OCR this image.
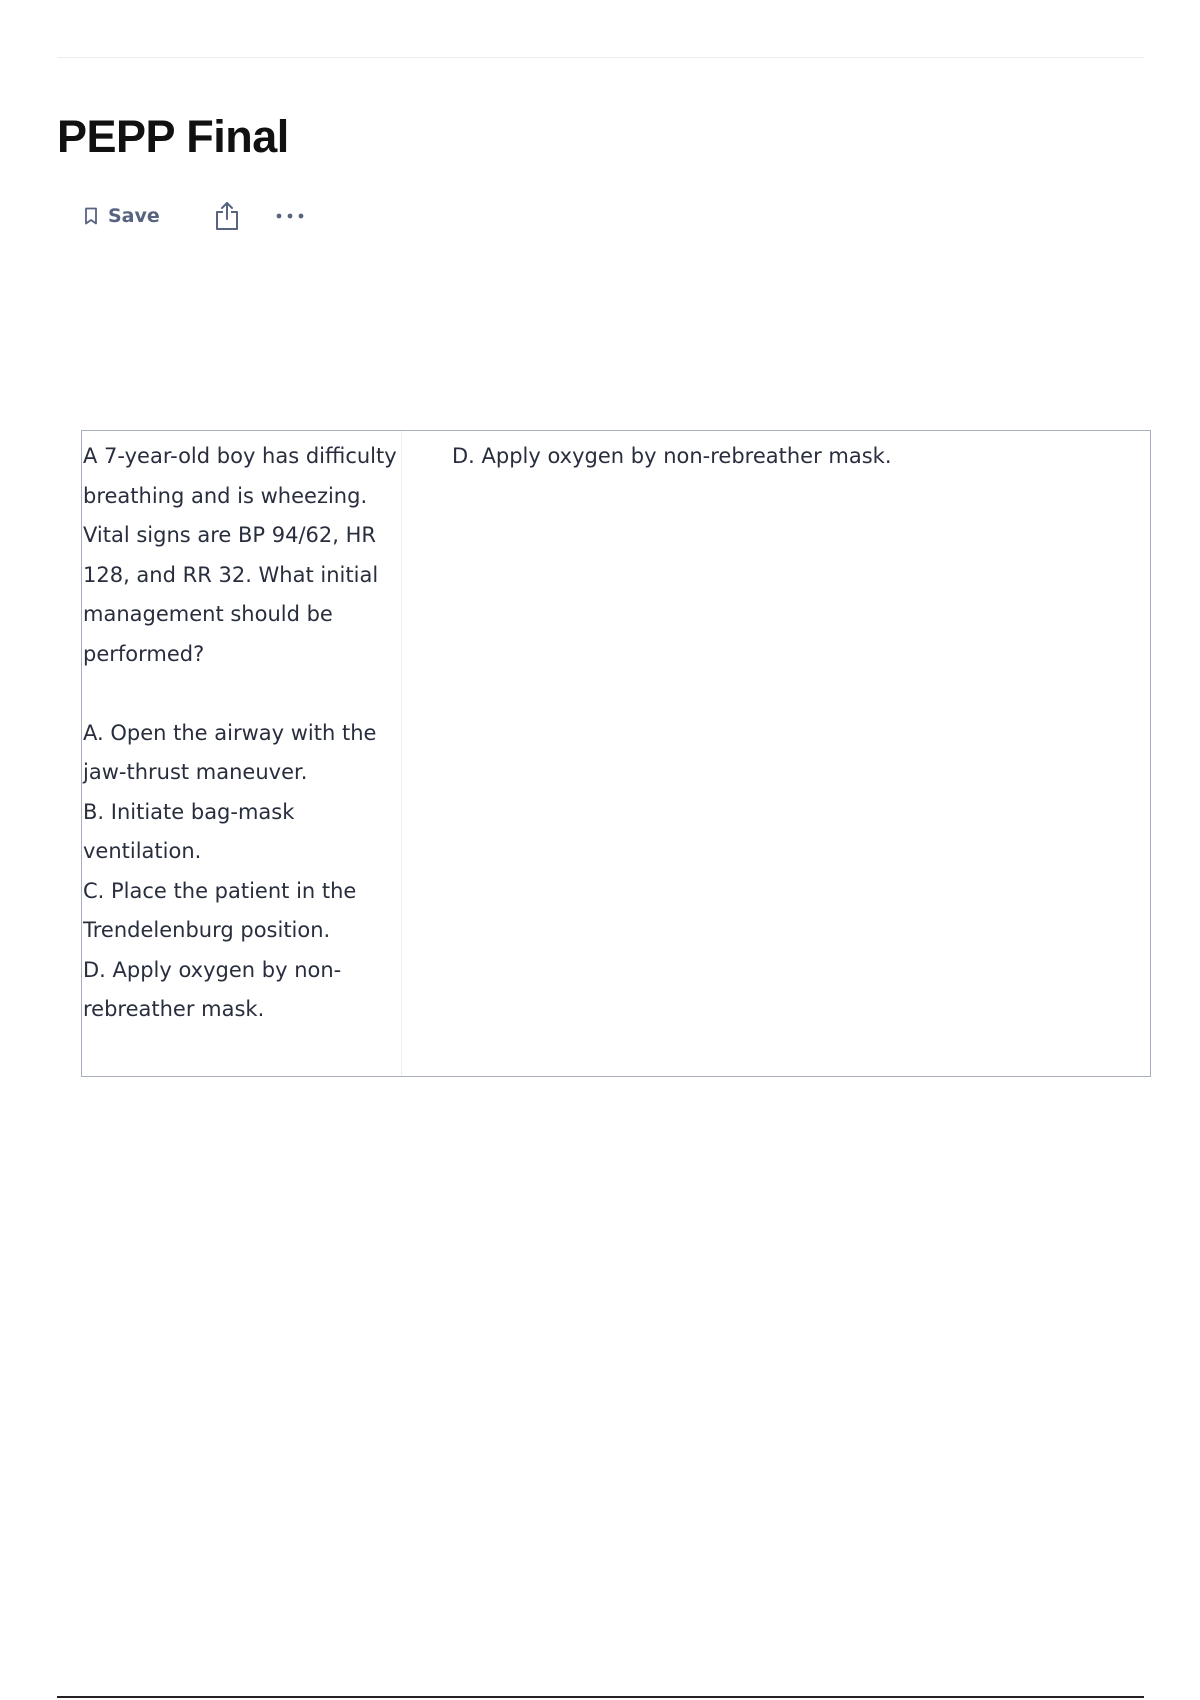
PEPP Final
Save
A 7-year-old boy has difficulty breathing and is wheezing. Vital signs are BP 94/62, HR 128, and RR 32. What initial management should be performed?

A. Open the airway with the jaw-thrust maneuver.
B. Initiate bag-mask ventilation.
C. Place the patient in the Trendelenburg position.
D. Apply oxygen by non-rebreather mask.
D. Apply oxygen by non-rebreather mask.
